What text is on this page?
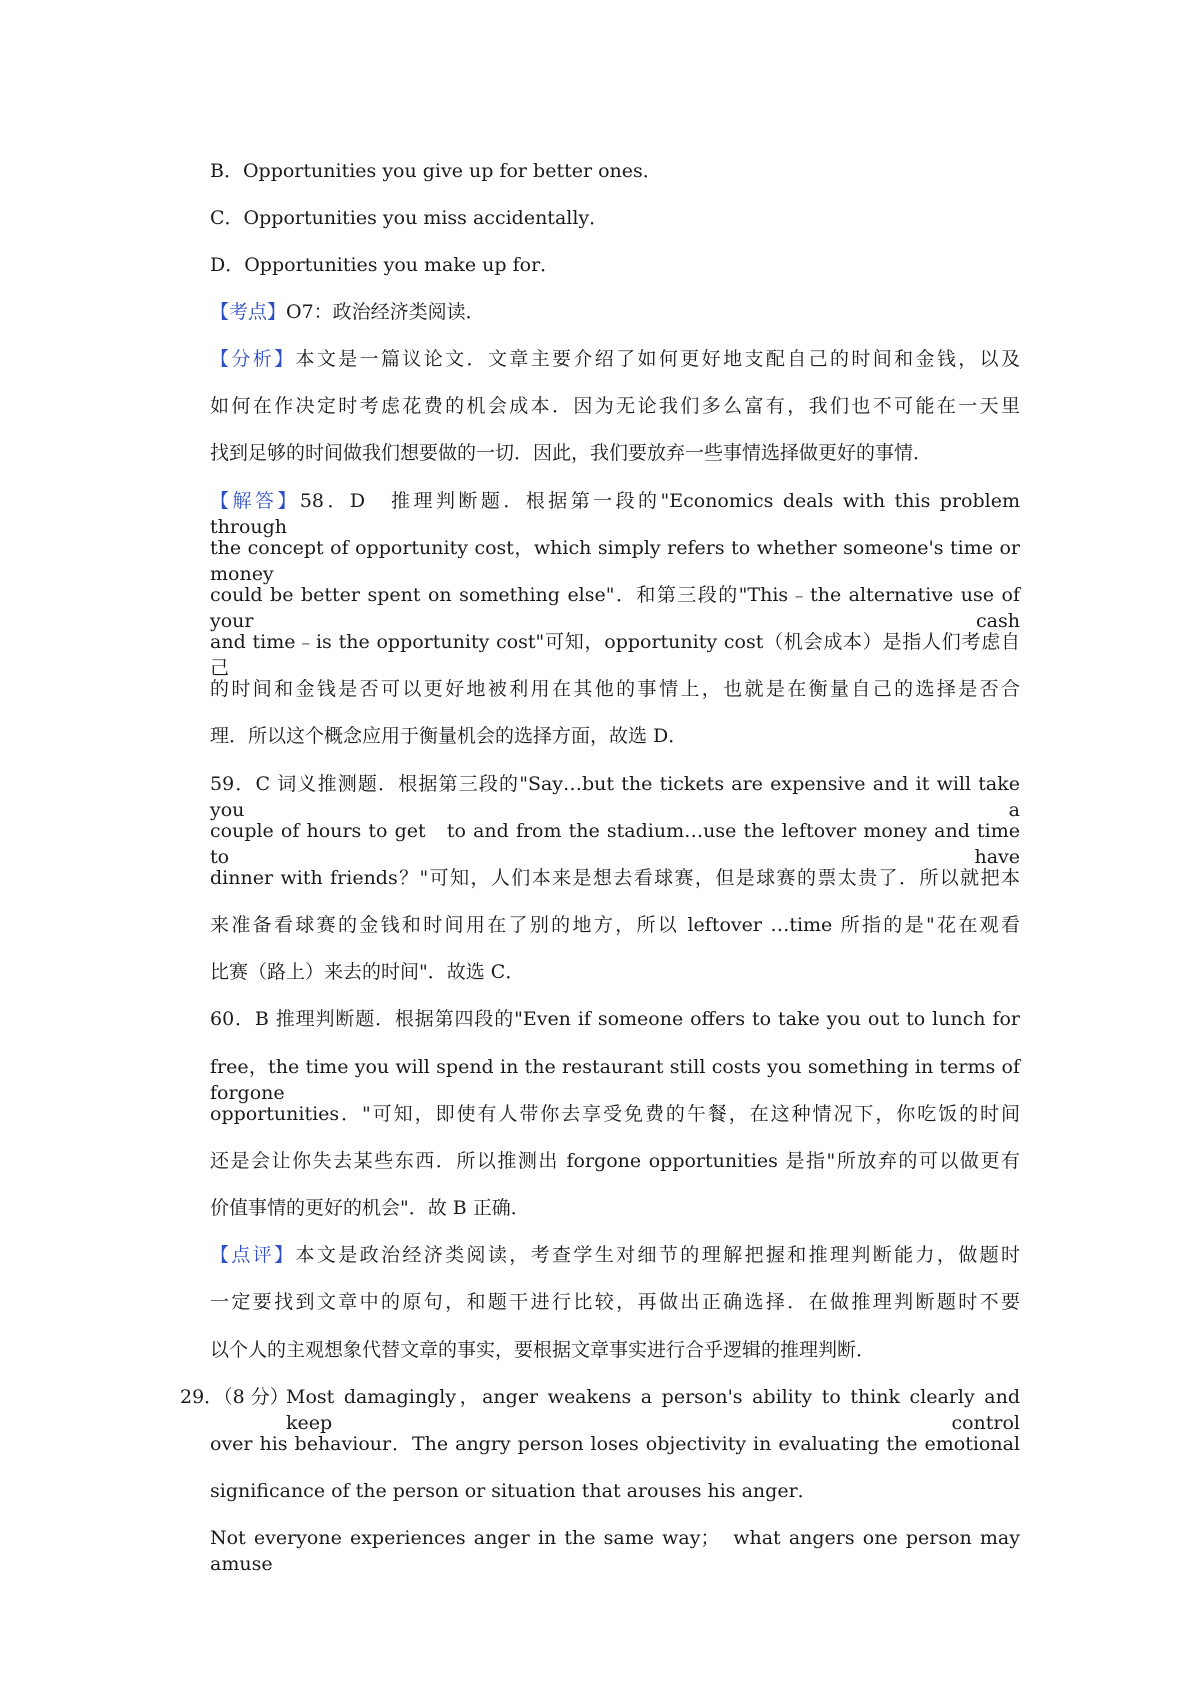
B．Opportunities you give up for better ones．
C．Opportunities you miss accidentally．
D．Opportunities you make up for．
【考点】O7：政治经济类阅读．
【分析】本文是一篇议论文．文章主要介绍了如何更好地支配自己的时间和金钱，以及
如何在作决定时考虑花费的机会成本．因为无论我们多么富有，我们也不可能在一天里
找到足够的时间做我们想要做的一切．因此，我们要放弃一些事情选择做更好的事情．
【解答】58．D　推理判断题．根据第一段的"Economics deals with this problem through
the concept of opportunity cost，which simply refers to whether someone's time or money
could be better spent on something else"．和第三段的"This﹣the alternative use of your cash
and time﹣is the opportunity cost"可知，opportunity cost（机会成本）是指人们考虑自己
的时间和金钱是否可以更好地被利用在其他的事情上，也就是在衡量自己的选择是否合
理．所以这个概念应用于衡量机会的选择方面，故选 D．
59．C 词义推测题．根据第三段的"Say…but the tickets are expensive and it will take you a
couple of hours to get　to and from the stadium…use the leftover money and time to have
dinner with friends？"可知，人们本来是想去看球赛，但是球赛的票太贵了．所以就把本
来准备看球赛的金钱和时间用在了别的地方，所以 leftover …time 所指的是"花在观看
比赛（路上）来去的时间"．故选 C．
60．B 推理判断题．根据第四段的"Even if someone offers to take you out to lunch for
free，the time you will spend in the restaurant still costs you something in terms of forgone
opportunities．"可知，即使有人带你去享受免费的午餐，在这种情况下，你吃饭的时间
还是会让你失去某些东西．所以推测出 forgone opportunities 是指"所放弃的可以做更有
价值事情的更好的机会"．故 B 正确．
【点评】本文是政治经济类阅读，考查学生对细节的理解把握和推理判断能力，做题时
一定要找到文章中的原句，和题干进行比较，再做出正确选择．在做推理判断题时不要
以个人的主观想象代替文章的事实，要根据文章事实进行合乎逻辑的推理判断．
29．（8 分）
Most damagingly，anger weakens a person's ability to think clearly and keep control
over his behaviour．The angry person loses objectivity in evaluating the emotional
significance of the person or situation that arouses his anger．
Not everyone experiences anger in the same way；　what angers one person may amuse
